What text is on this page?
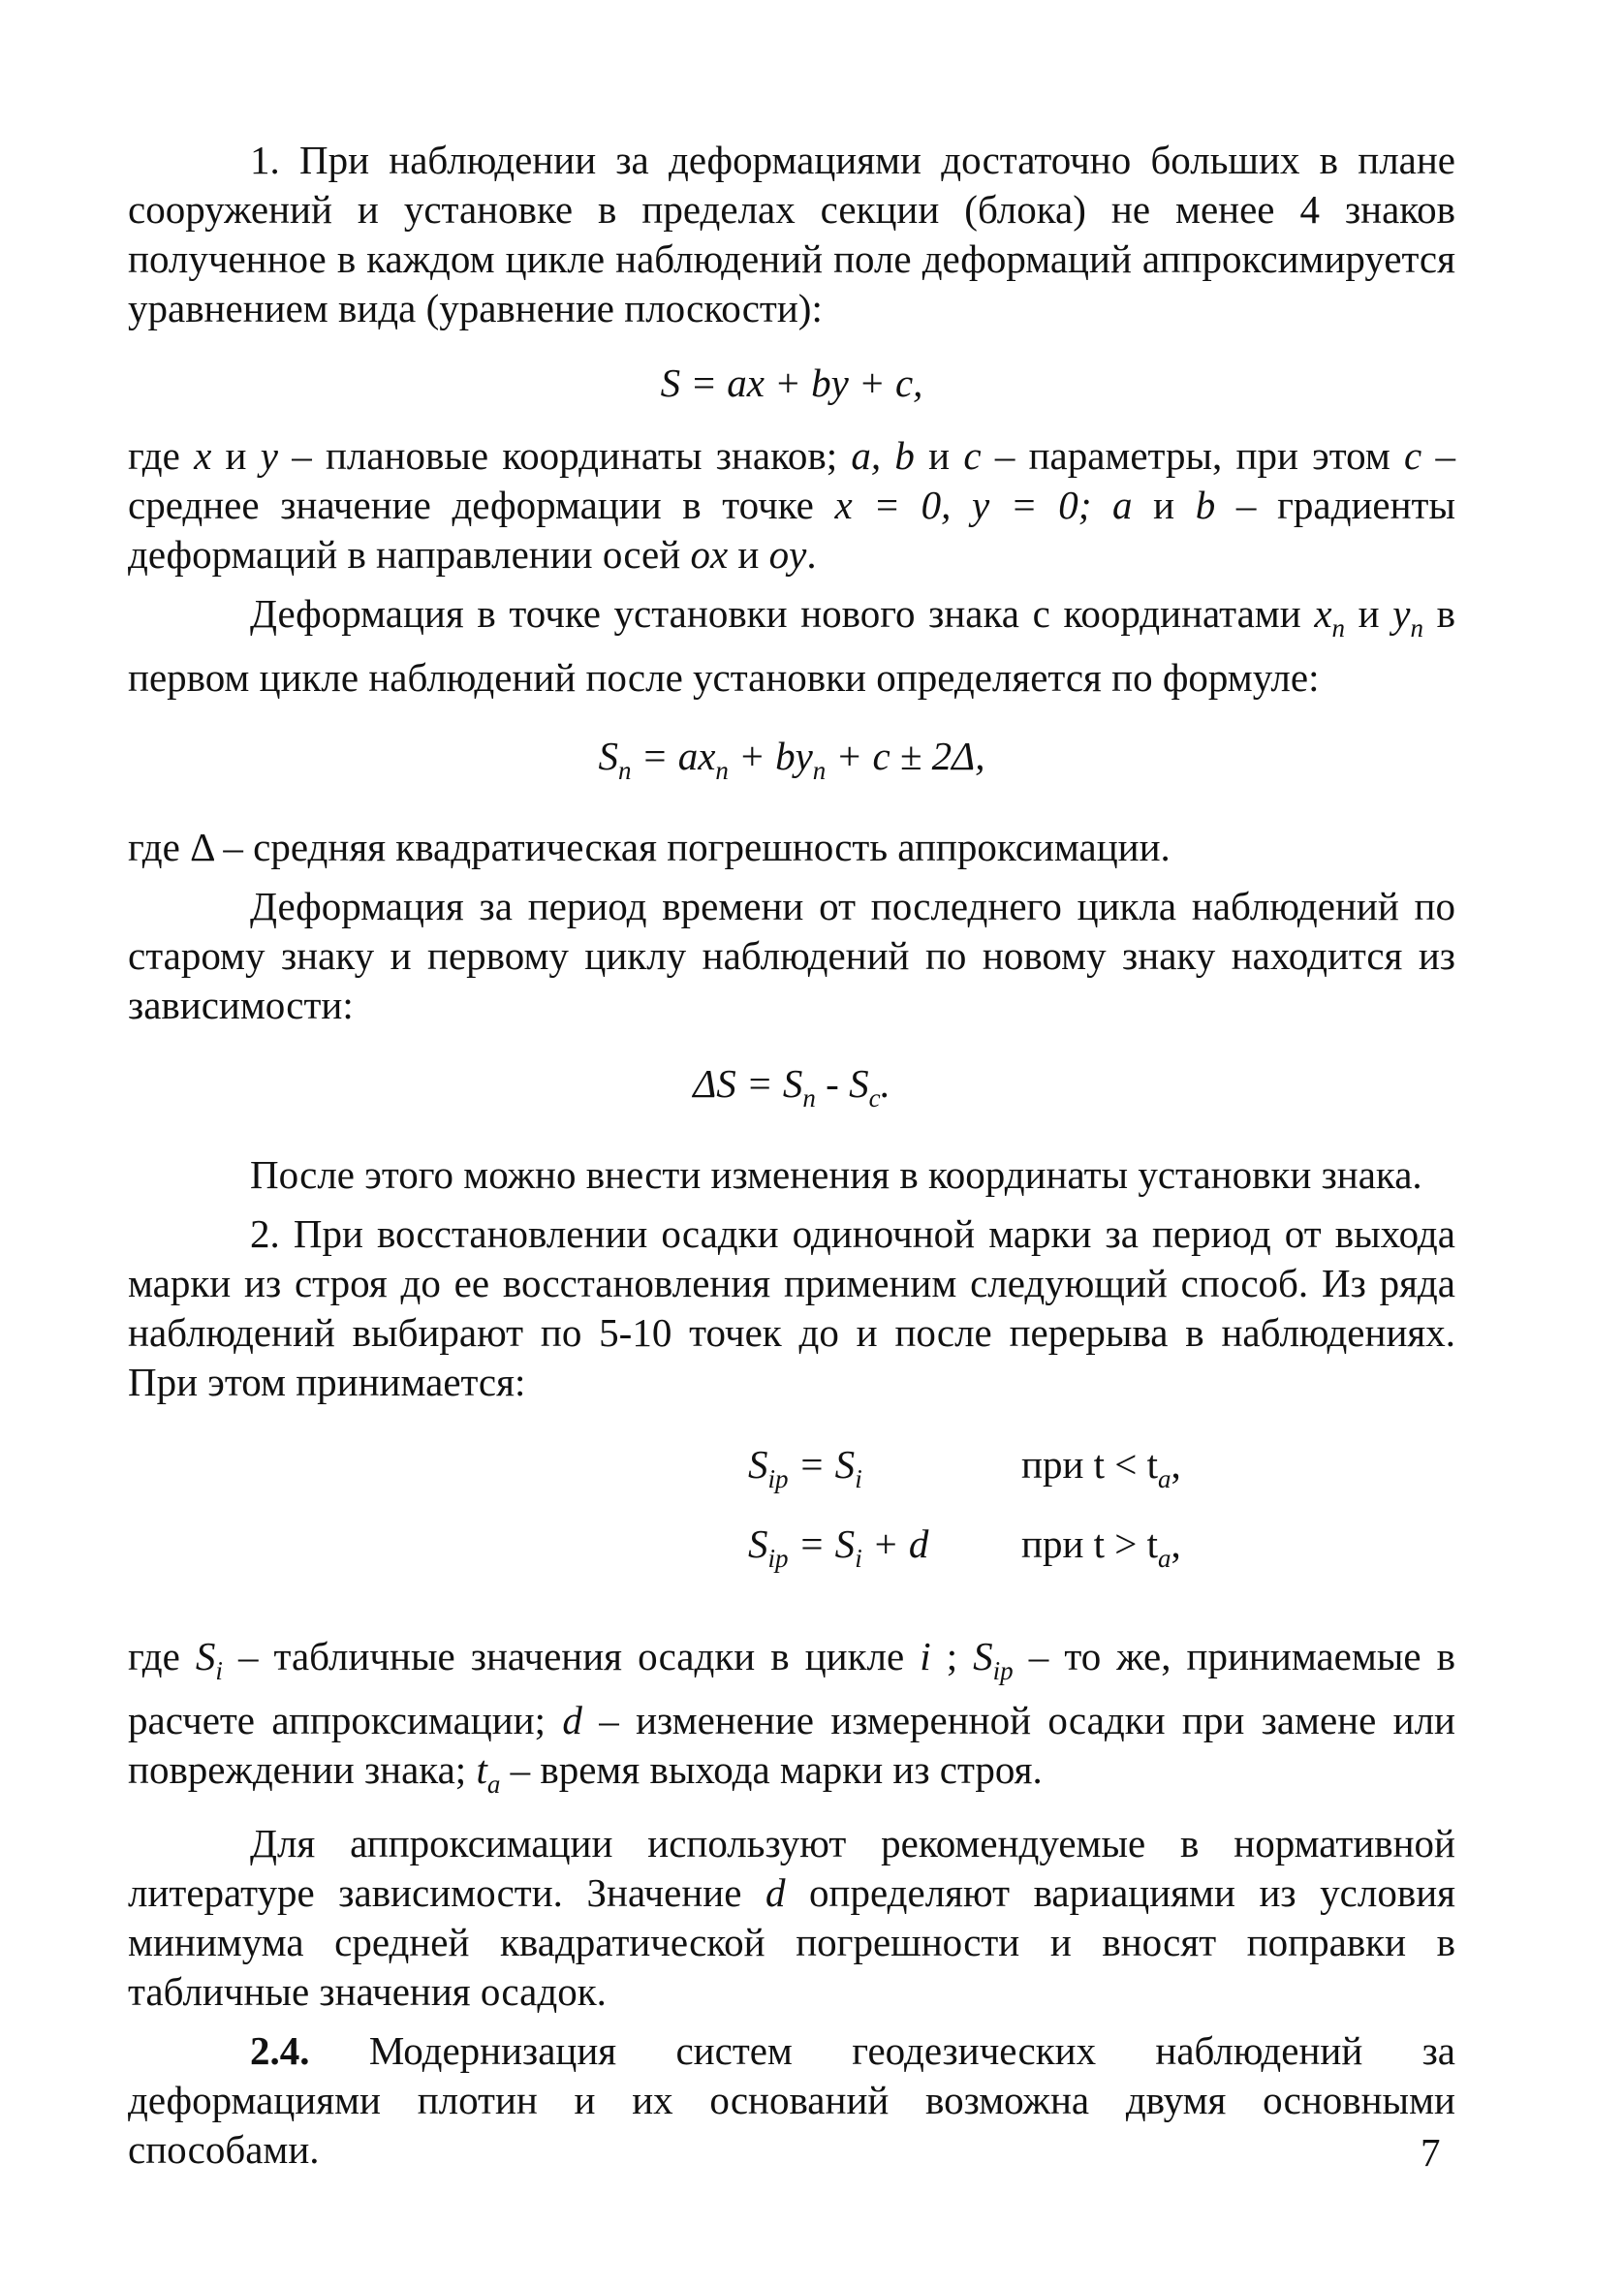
1. При наблюдении за деформациями достаточно больших в плане сооружений и установке в пределах секции (блока) не менее 4 знаков полученное в каждом цикле наблюдений поле деформаций аппроксимируется уравнением вида (уравнение плоскости):

S = ax + by + c,

где x и y – плановые координаты знаков; a, b и c – параметры, при этом c – среднее значение деформации в точке x = 0, y = 0; a и b – градиенты деформаций в направлении осей ox и oy.

Деформация в точке установки нового знака с координатами $x_n$ и $y_n$ в первом цикле наблюдений после установки определяется по формуле:

$S_n = ax_n + by_n + c \pm 2\Delta$,

где Δ – средняя квадратическая погрешность аппроксимации.

Деформация за период времени от последнего цикла наблюдений по старому знаку и первому циклу наблюдений по новому знаку находится из зависимости:

$\Delta S = S_n - S_c$.

После этого можно внести изменения в координаты установки знака.

2. При восстановлении осадки одиночной марки за период от выхода марки из строя до ее восстановления применим следующий способ. Из ряда наблюдений выбирают по 5-10 точек до и после перерыва в наблюдениях. При этом принимается:

$S_{ip} = S_i$	при $t < t_a$,
$S_{ip} = S_i + d$ при $t > t_a$,

где $S_i$ – табличные значения осадки в цикле i ; $S_{ip}$ – то же, принимаемые в расчете аппроксимации; d – изменение измеренной осадки при замене или повреждении знака; $t_a$ – время выхода марки из строя.

Для аппроксимации используют рекомендуемые в нормативной литературе зависимости. Значение d определяют вариациями из условия минимума средней квадратической погрешности и вносят поправки в табличные значения осадок.

2.4. Модернизация систем геодезических наблюдений за деформациями плотин и их оснований возможна двумя основными способами.	7
